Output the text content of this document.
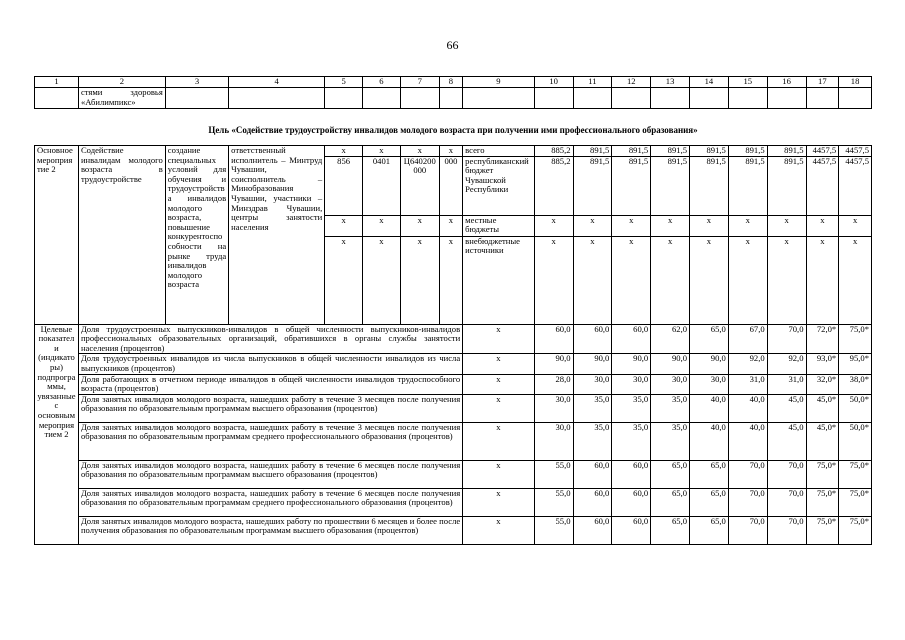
66
1	2	3	4	5	6	7	8	9	10	11	12	13	14	15	16	17	18
	стями здоровья «Абилимпикс»																
Цель «Содействие трудоустройству инвалидов молодого возраста при получении ими профессионального образования»
Основное мероприятие 2	Содействие инвалидам молодого возраста в трудоустройстве	создание специальных условий для обучения и трудоустройства инвалидов молодого возраста, повышение конкурентоспособности на рынке труда инвалидов молодого возраста	ответственный исполнитель – Минтруд Чувашии, соисполнитель – Минобразования Чувашии, участники – Минздрав Чувашии, центры занятости населения	х	х	х	х	всего	885,2	891,5	891,5	891,5	891,5	891,5	891,5	4457,5	4457,5
				856	0401	Ц640200000	000	республиканский бюджет Чувашской Республики	885,2	891,5	891,5	891,5	891,5	891,5	891,5	4457,5	4457,5
				х	х	х	х	местные бюджеты	х	х	х	х	х	х	х	х	х
				х	х	х	х	внебюджетные источники	х	х	х	х	х	х	х	х	х
Целевые показатели (индикаторы) подпрограммы, увязанные с основным мероприятием 2	Доля трудоустроенных выпускников-инвалидов в общей численности выпускников-инвалидов профессиональных образовательных организаций, обратившихся в органы службы занятости населения (процентов)							х	60,0	60,0	60,0	62,0	65,0	67,0	70,0	72,0*	75,0*
	Доля трудоустроенных инвалидов из числа выпускников в общей численности инвалидов из числа выпускников (процентов)							х	90,0	90,0	90,0	90,0	90,0	92,0	92,0	93,0*	95,0*
	Доля работающих в отчетном периоде инвалидов в общей численности инвалидов трудоспособного возраста (процентов)							х	28,0	30,0	30,0	30,0	30,0	31,0	31,0	32,0*	38,0*
	Доля занятых инвалидов молодого возраста, нашедших работу в течение 3 месяцев после получения образования по образовательным программам высшего образования (процентов)							х	30,0	35,0	35,0	35,0	40,0	40,0	45,0	45,0*	50,0*
	Доля занятых инвалидов молодого возраста, нашедших работу в течение 3 месяцев после получения образования по образовательным программам среднего профессионального образования (процентов)							х	30,0	35,0	35,0	35,0	40,0	40,0	45,0	45,0*	50,0*
	Доля занятых инвалидов молодого возраста, нашедших работу в течение 6 месяцев после получения образования по образовательным программам высшего образования (процентов)							х	55,0	60,0	60,0	65,0	65,0	70,0	70,0	75,0*	75,0*
	Доля занятых инвалидов молодого возраста, нашедших работу в течение 6 месяцев после получения образования по образовательным программам среднего профессионального образования (процентов)							х	55,0	60,0	60,0	65,0	65,0	70,0	70,0	75,0*	75,0*
	Доля занятых инвалидов молодого возраста, нашедших работу по прошествии 6 месяцев и более после получения образования по образовательным программам высшего образования (процентов)							х	55,0	60,0	60,0	65,0	65,0	70,0	70,0	75,0*	75,0*
